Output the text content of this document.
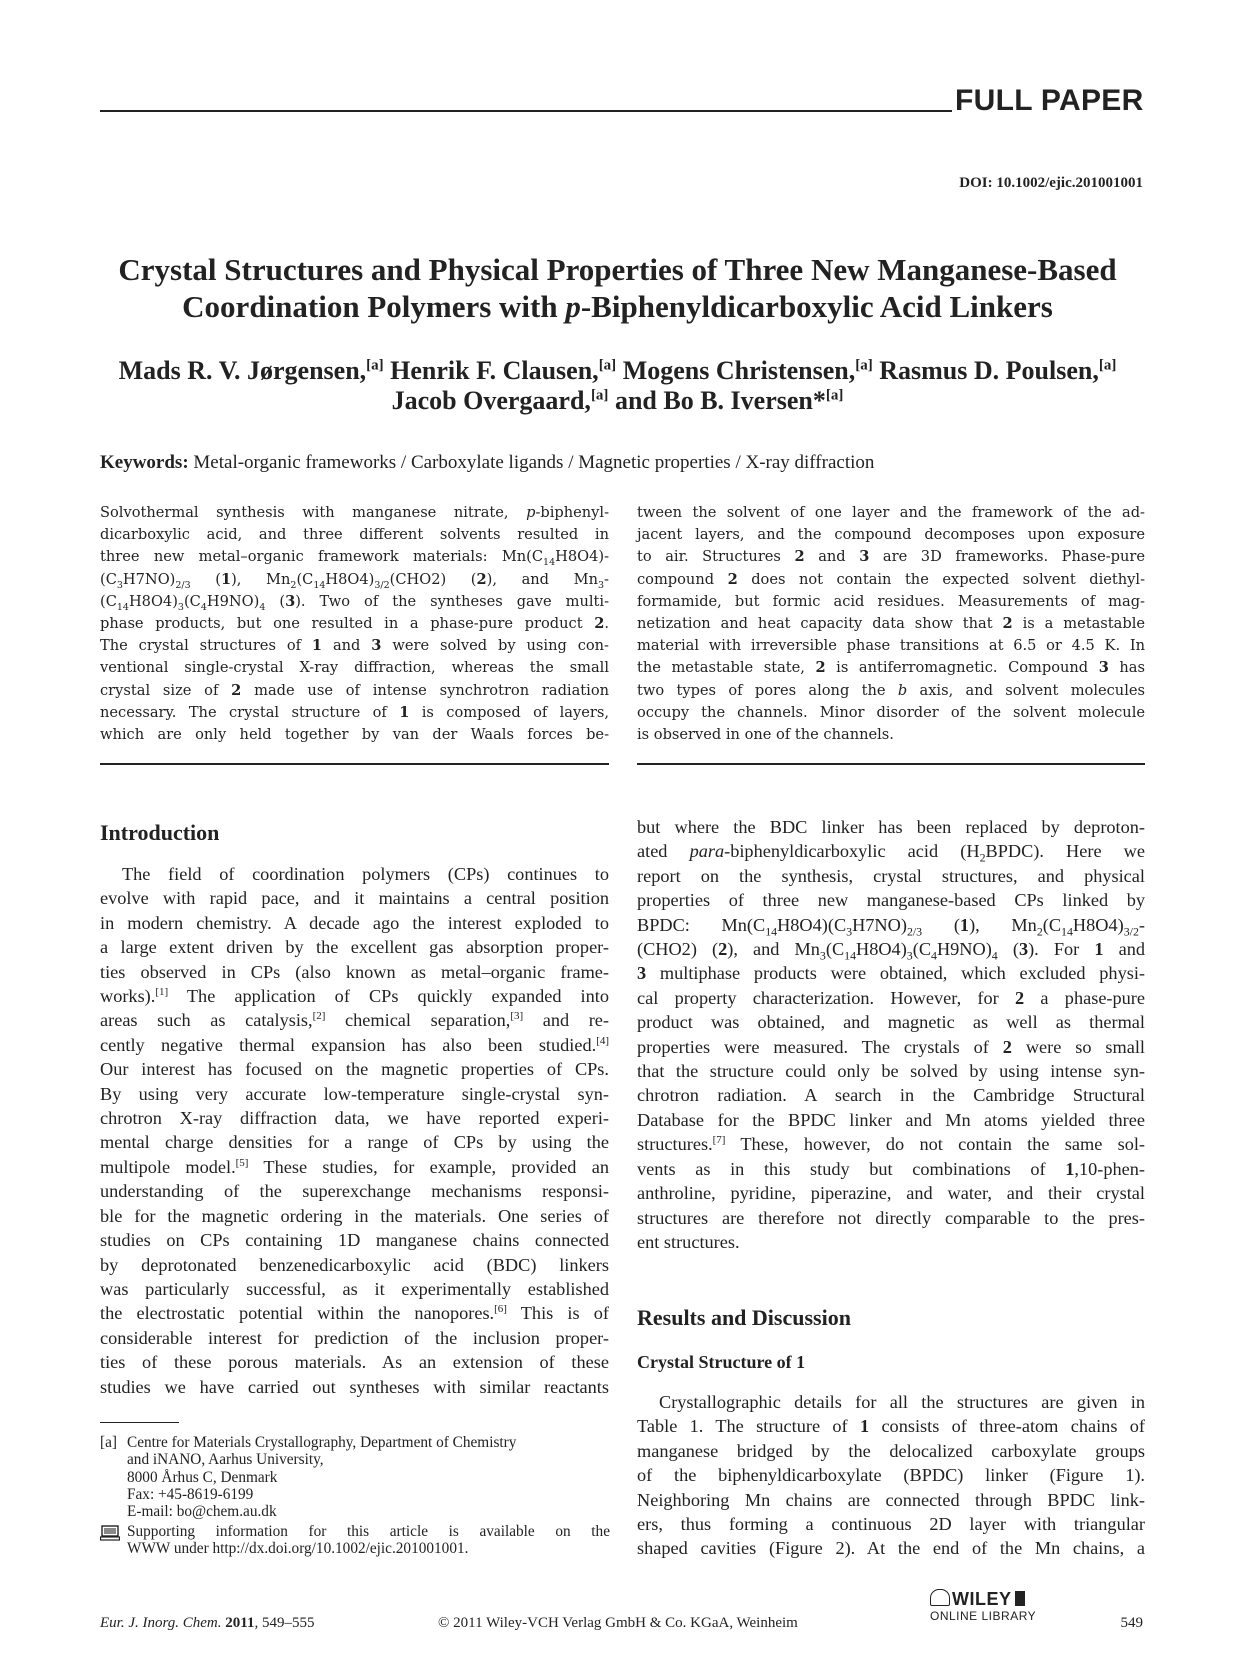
FULL PAPER
DOI: 10.1002/ejic.201001001
Crystal Structures and Physical Properties of Three New Manganese-Based
Coordination Polymers with p-Biphenyldicarboxylic Acid Linkers
Mads R. V. Jørgensen,[a] Henrik F. Clausen,[a] Mogens Christensen,[a] Rasmus D. Poulsen,[a]
Jacob Overgaard,[a] and Bo B. Iversen*[a]
Keywords: Metal-organic frameworks / Carboxylate ligands / Magnetic properties / X-ray diffraction
Solvothermal synthesis with manganese nitrate, p-biphenyl-
dicarboxylic acid, and three different solvents resulted in
three new metal–organic framework materials: $Mn(C_{14}H8O4)-$
$(C_3H7NO)_{2/3}$ (1), $Mn_2(C_{14}H8O4)_{3/2}(CHO2)$ (2), and $Mn_3-$
$(C_{14}H8O4)_3(C_4H9NO)_4$ (3). Two of the syntheses gave multi-
phase products, but one resulted in a phase-pure product 2.
The crystal structures of 1 and 3 were solved by using con-
ventional single-crystal X-ray diffraction, whereas the small
crystal size of 2 made use of intense synchrotron radiation
necessary. The crystal structure of 1 is composed of layers,
which are only held together by van der Waals forces be-
tween the solvent of one layer and the framework of the ad-
jacent layers, and the compound decomposes upon exposure
to air. Structures 2 and 3 are 3D frameworks. Phase-pure
compound 2 does not contain the expected solvent diethyl-
formamide, but formic acid residues. Measurements of mag-
netization and heat capacity data show that 2 is a metastable
material with irreversible phase transitions at 6.5 or 4.5 K. In
the metastable state, 2 is antiferromagnetic. Compound 3 has
two types of pores along the b axis, and solvent molecules
occupy the channels. Minor disorder of the solvent molecule
is observed in one of the channels.
Introduction
The field of coordination polymers (CPs) continues to
evolve with rapid pace, and it maintains a central position
in modern chemistry. A decade ago the interest exploded to
a large extent driven by the excellent gas absorption proper-
ties observed in CPs (also known as metal–organic frame-
works).[1] The application of CPs quickly expanded into
areas such as catalysis,[2] chemical separation,[3] and re-
cently negative thermal expansion has also been studied.[4]
Our interest has focused on the magnetic properties of CPs.
By using very accurate low-temperature single-crystal syn-
chrotron X-ray diffraction data, we have reported experi-
mental charge densities for a range of CPs by using the
multipole model.[5] These studies, for example, provided an
understanding of the superexchange mechanisms responsi-
ble for the magnetic ordering in the materials. One series of
studies on CPs containing 1D manganese chains connected
by deprotonated benzenedicarboxylic acid (BDC) linkers
was particularly successful, as it experimentally established
the electrostatic potential within the nanopores.[6] This is of
considerable interest for prediction of the inclusion proper-
ties of these porous materials. As an extension of these
studies we have carried out syntheses with similar reactants
but where the BDC linker has been replaced by deproton-
ated para-biphenyldicarboxylic acid $(H_2BPDC)$. Here we
report on the synthesis, crystal structures, and physical
properties of three new manganese-based CPs linked by
BPDC: $Mn(C_{14}H8O4)(C_3H7NO)_{2/3}$ (1), $Mn_2(C_{14}H8O4)_{3/2}-$
(CHO2) (2), and $Mn_3(C_{14}H8O4)_3(C_4H9NO)_4$ (3). For 1 and
3 multiphase products were obtained, which excluded physi-
cal property characterization. However, for 2 a phase-pure
product was obtained, and magnetic as well as thermal
properties were measured. The crystals of 2 were so small
that the structure could only be solved by using intense syn-
chrotron radiation. A search in the Cambridge Structural
Database for the BPDC linker and Mn atoms yielded three
structures.[7] These, however, do not contain the same sol-
vents as in this study but combinations of 1,10-phen-
anthroline, pyridine, piperazine, and water, and their crystal
structures are therefore not directly comparable to the pres-
ent structures.
Results and Discussion
Crystal Structure of 1
Crystallographic details for all the structures are given in
Table 1. The structure of 1 consists of three-atom chains of
manganese bridged by the delocalized carboxylate groups
of the biphenyldicarboxylate (BPDC) linker (Figure 1).
Neighboring Mn chains are connected through BPDC link-
ers, thus forming a continuous 2D layer with triangular
shaped cavities (Figure 2). At the end of the Mn chains, a
[a] Centre for Materials Crystallography, Department of Chemistry
and iNANO, Aarhus University,
8000 Århus C, Denmark
Fax: +45-8619-6199
E-mail: bo@chem.au.dk
Supporting information for this article is available on the
WWW under http://dx.doi.org/10.1002/ejic.201001001.
Eur. J. Inorg. Chem. 2011, 549–555	© 2011 Wiley-VCH Verlag GmbH & Co. KGaA, Weinheim
WILEY
ONLINE LIBRARY	549
